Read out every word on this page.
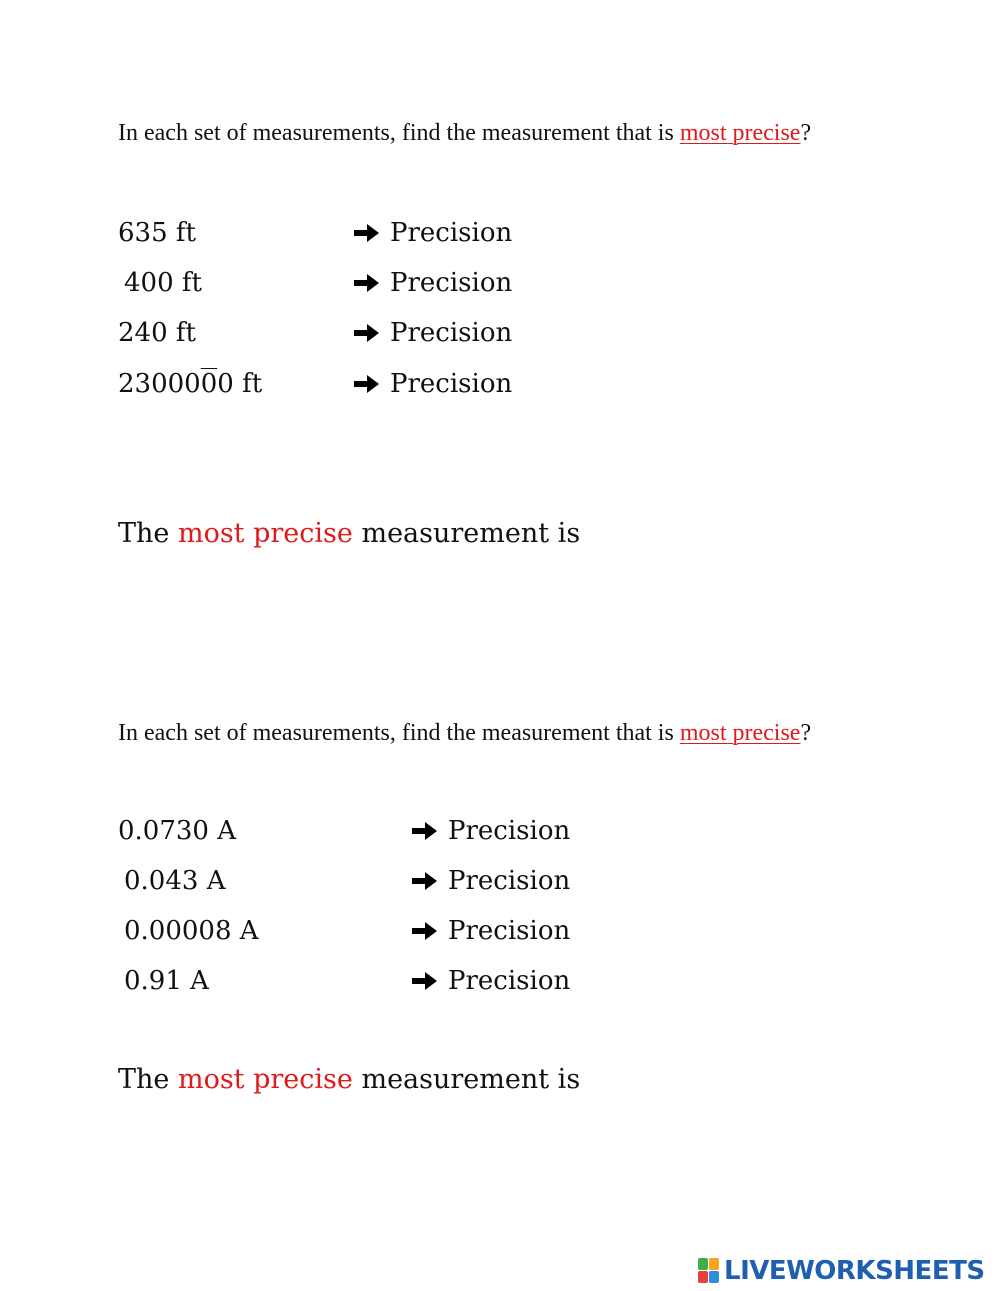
In each set of measurements, find the measurement that is most precise?
635 ft	Precision
400 ft	Precision
240 ft	Precision
2300000 ft	Precision
The most precise measurement is
In each set of measurements, find the measurement that is most precise?
0.0730 A	Precision
0.043 A	Precision
0.00008 A	Precision
0.91 A	Precision
The most precise measurement is
LIVEWORKSHEETS
